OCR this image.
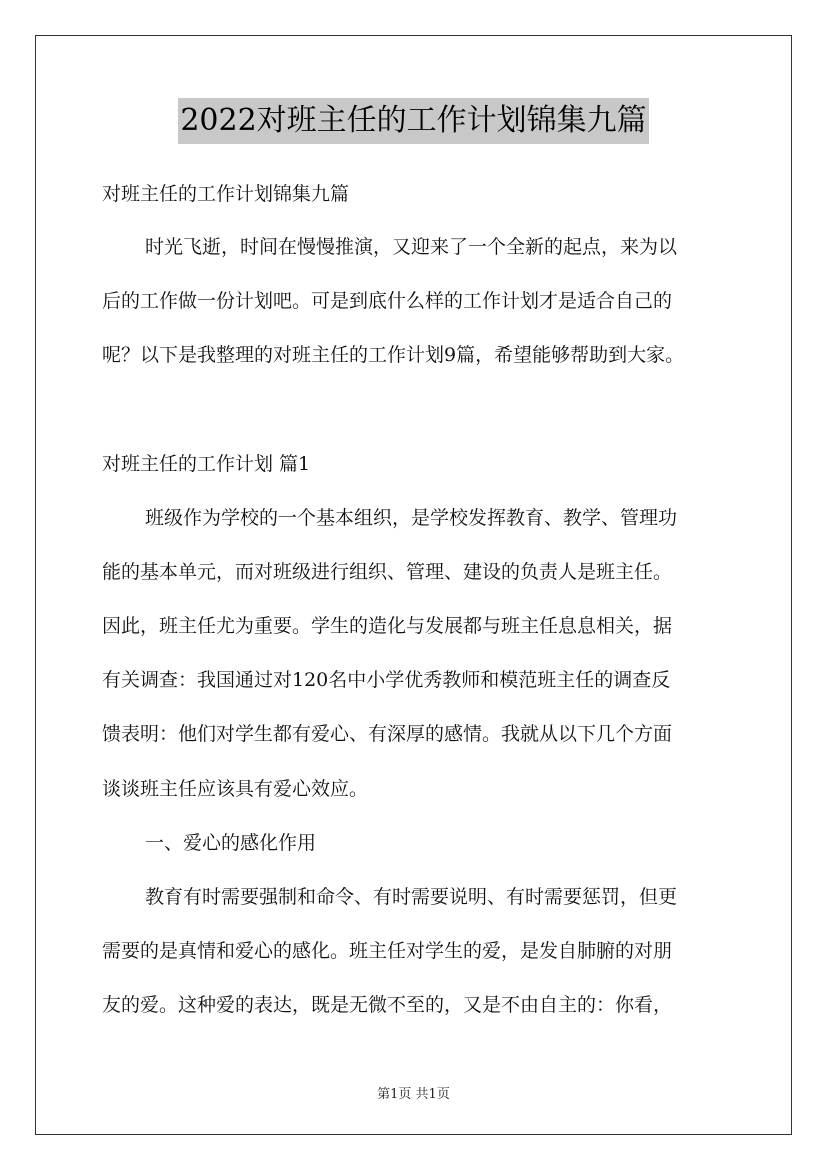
2022对班主任的工作计划锦集九篇
对班主任的工作计划锦集九篇
时光飞逝，时间在慢慢推演，又迎来了一个全新的起点，来为以
后的工作做一份计划吧。可是到底什么样的工作计划才是适合自己的
呢？以下是我整理的对班主任的工作计划9篇，希望能够帮助到大家。
对班主任的工作计划 篇1
班级作为学校的一个基本组织，是学校发挥教育、教学、管理功
能的基本单元，而对班级进行组织、管理、建设的负责人是班主任。
因此，班主任尤为重要。学生的造化与发展都与班主任息息相关，据
有关调查：我国通过对120名中小学优秀教师和模范班主任的调查反
馈表明：他们对学生都有爱心、有深厚的感情。我就从以下几个方面
谈谈班主任应该具有爱心效应。
一、爱心的感化作用
教育有时需要强制和命令、有时需要说明、有时需要惩罚，但更
需要的是真情和爱心的感化。班主任对学生的爱，是发自肺腑的对朋
友的爱。这种爱的表达，既是无微不至的，又是不由自主的：你看，
第1页 共1页
